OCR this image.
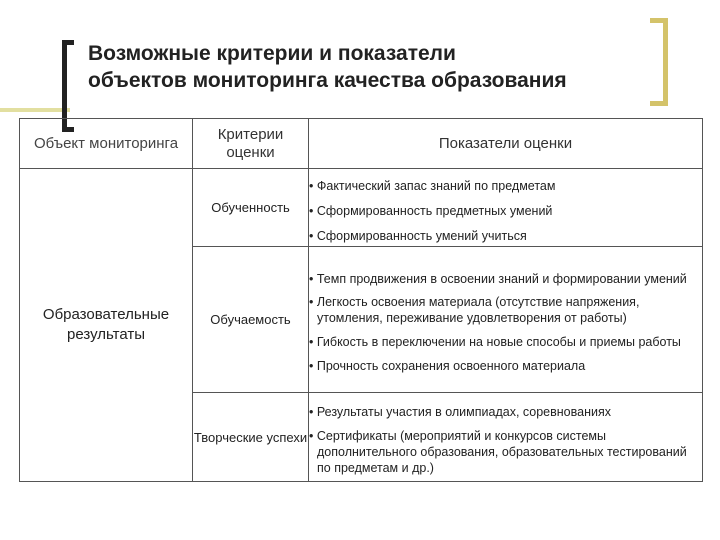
Возможные критерии и показатели
объектов мониторинга качества образования
Объект мониторинга	Критерии оценки	Показатели оценки
Образовательные результаты	Обученность	• Фактический запас знаний по предметам
• Сформированность предметных умений
• Сформированность умений учиться

	Обучаемость	• Темп продвижения в освоении знаний и формировании умений
• Легкость освоения материала (отсутствие напряжения, утомления, переживание удовлетворения от работы)
• Гибкость в переключении на новые способы и приемы работы
• Прочность сохранения освоенного материала

	Творческие успехи	• Результаты участия в олимпиадах, соревнованиях
• Сертификаты (мероприятий и конкурсов системы дополнительного образования, образовательных тестирований по предметам и др.)
